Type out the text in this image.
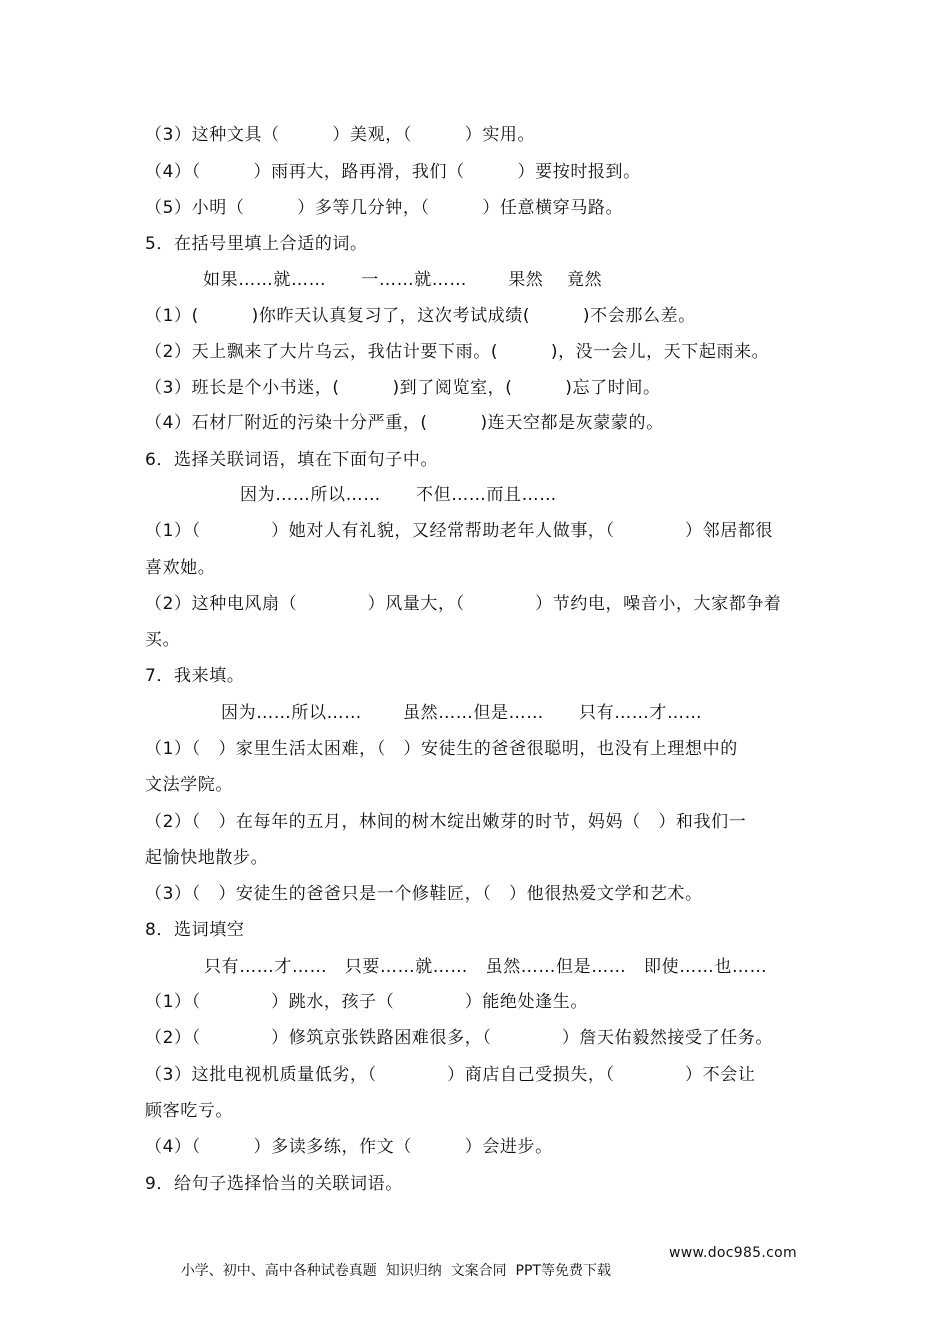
（3）这种文具（　　　）美观，（　　　）实用。
（4）（　　　）雨再大，路再滑，我们（　　　）要按时报到。
（5）小明（　　　）多等几分钟，（　　　）任意横穿马路。
5．在括号里填上合适的词。
如果……就……　　一……就……　　 果然　 竟然
（1）(　　　)你昨天认真复习了，这次考试成绩(　　　)不会那么差。
（2）天上飘来了大片乌云，我估计要下雨。(　　　)，没一会儿，天下起雨来。
（3）班长是个小书迷，(　　　)到了阅览室，(　　　)忘了时间。
（4）石材厂附近的污染十分严重，(　　　)连天空都是灰蒙蒙的。
6．选择关联词语，填在下面句子中。
因为……所以……　　不但……而且……
（1）（　　　　）她对人有礼貌，又经常帮助老年人做事，（　　　　）邻居都很
喜欢她。
（2）这种电风扇（　　　　）风量大，（　　　　）节约电，噪音小，大家都争着
买。
7．我来填。
因为……所以……　　 虽然……但是……　　只有……才……
（1）（　）家里生活太困难，（　）安徒生的爸爸很聪明，也没有上理想中的
文法学院。
（2）（　）在每年的五月，林间的树木绽出嫩芽的时节，妈妈（　）和我们一
起愉快地散步。
（3）（　）安徒生的爸爸只是一个修鞋匠，（　）他很热爱文学和艺术。
8．选词填空
只有……才……　只要……就……　虽然……但是……　即使……也……
（1）（　　　　）跳水，孩子（　　　　）能绝处逢生。
（2）（　　　　）修筑京张铁路困难很多，（　　　　）詹天佑毅然接受了任务。
（3）这批电视机质量低劣，（　　　　）商店自己受损失，（　　　　）不会让
顾客吃亏。
（4）（　　　）多读多练，作文（　　　）会进步。
9．给句子选择恰当的关联词语。

小学、初中、高中各种试卷真题  知识归纳  文案合同  PPT等免费下载

www.doc985.com
